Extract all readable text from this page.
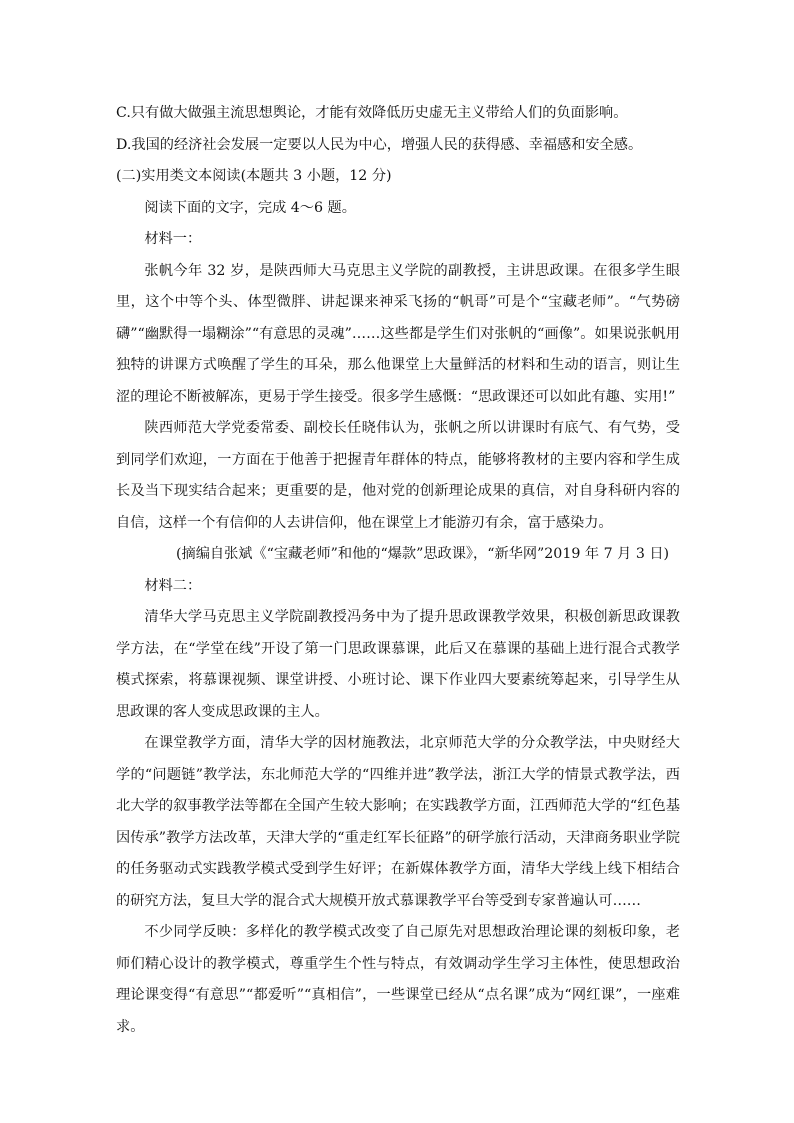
C.只有做大做强主流思想舆论，才能有效降低历史虚无主义带给人们的负面影响。

D.我国的经济社会发展一定要以人民为中心，增强人民的获得感、幸福感和安全感。

(二)实用类文本阅读(本题共 3 小题，12 分)

阅读下面的文字，完成 4～6 题。

材料一：

张帆今年 32 岁，是陕西师大马克思主义学院的副教授，主讲思政课。在很多学生眼里，这个中等个头、体型微胖、讲起课来神采飞扬的“帆哥”可是个“宝藏老师”。“气势磅礴”“幽默得一塌糊涂”“有意思的灵魂”……这些都是学生们对张帆的“画像”。如果说张帆用独特的讲课方式唤醒了学生的耳朵，那么他课堂上大量鲜活的材料和生动的语言，则让生涩的理论不断被解冻，更易于学生接受。很多学生感慨：“思政课还可以如此有趣、实用!”

陕西师范大学党委常委、副校长任晓伟认为，张帆之所以讲课时有底气、有气势，受到同学们欢迎，一方面在于他善于把握青年群体的特点，能够将教材的主要内容和学生成长及当下现实结合起来；更重要的是，他对党的创新理论成果的真信，对自身科研内容的自信，这样一个有信仰的人去讲信仰，他在课堂上才能游刃有余，富于感染力。

(摘编自张斌《“宝藏老师”和他的“爆款”思政课》，“新华网”2019 年 7 月 3 日)

材料二：

清华大学马克思主义学院副教授冯务中为了提升思政课教学效果，积极创新思政课教学方法，在“学堂在线”开设了第一门思政课慕课，此后又在慕课的基础上进行混合式教学模式探索，将慕课视频、课堂讲授、小班讨论、课下作业四大要素统筹起来，引导学生从思政课的客人变成思政课的主人。

在课堂教学方面，清华大学的因材施教法，北京师范大学的分众教学法，中央财经大学的“问题链”教学法，东北师范大学的“四维并进”教学法，浙江大学的情景式教学法，西北大学的叙事教学法等都在全国产生较大影响；在实践教学方面，江西师范大学的“红色基因传承”教学方法改革，天津大学的“重走红军长征路”的研学旅行活动，天津商务职业学院的任务驱动式实践教学模式受到学生好评；在新媒体教学方面，清华大学线上线下相结合的研究方法，复旦大学的混合式大规模开放式慕课教学平台等受到专家普遍认可……

不少同学反映：多样化的教学模式改变了自己原先对思想政治理论课的刻板印象，老师们精心设计的教学模式，尊重学生个性与特点，有效调动学生学习主体性，使思想政治理论课变得“有意思”“都爱听”“真相信”，一些课堂已经从“点名课”成为“网红课”，一座难求。
